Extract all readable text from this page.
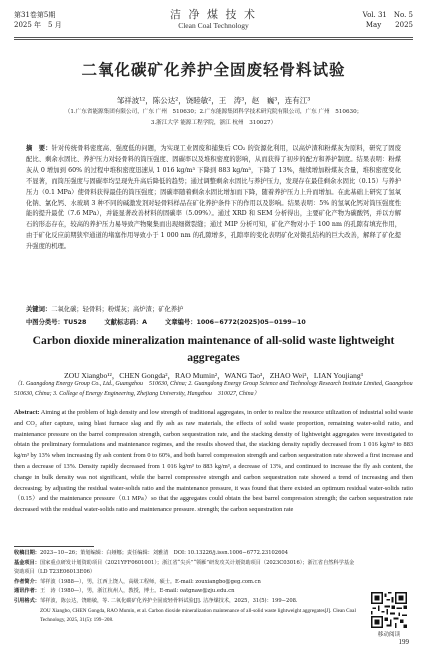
第31卷第5期
2025 年　5 月
洁 净 煤 技 术
Clean Coal Technology
Vol. 31　No. 5
May　　2025
二氧化碳矿化养护全固废轻骨料试验
邹祥波¹²，陈公达²，饶睦敏²，王　涛³，赵　巍³，连有江³
（1.广东省能源集团有限公司，广东 广州　510630；2.广东能源集团科学技术研究院有限公司，广东 广州　510630；
3.浙江大学 能源工程学院，浙江 杭州　310027）
摘　要：针对传统骨料密度高、强度低的问题，为实现工业固废和捕集后 CO₂ 的资源化利用，以高炉渣和粉煤灰为原料，研究了固废配比、剩余水固比、养护压力对轻骨料的筒压强度、固碳率以及堆积密度的影响，从而获得了初步的配方和养护制度。结果表明：粉煤灰从 0 增加到 60% 的过程中堆积密度迅速从 1 016 kg/m³ 下降到 883 kg/m³，下降了 13%，继续增加粉煤灰含量，堆积密度变化不显著，而筒压强度与固碳率均呈现先升高后降低的趋势；通过调整剩余水固比与养护压力，发现存在最佳剩余水固比（0.15）与养护压力（0.1 MPa）使骨料获得最佳的筒压强度；固碳率随着剩余水固比增加而下降，随着养护压力上升而增加。在此基础上研究了氢氧化钠、氯化钙、水玻璃 3 种不同的碱激发剂对轻骨料样品在矿化养护条件下的作用以及影响。结果表明：5% 的氢氧化钙对筒压强度性能的提升最优（7.6 MPa），并能显著改善材料的固碳率（5.09%）。通过 XRD 和 SEM 分析得出，主要矿化产物为碳酸钙，并以方解石的形态存在，较高的养护压力易导致产物聚集而出现细微裂缝；通过 MIP 分析可知，矿化产物对小于 100 nm 的孔隙有填充作用，由于矿化反应前期狭窄通道的堵塞作用导致小于 1 000 nm 的孔隙增多，孔隙率的变化表明矿化对微孔结构的巨大改善，解释了矿化提升强度的机理。
关键词：二氧化碳；轻骨料；粉煤灰；高炉渣；矿化养护
中图分类号：TU528	文献标志码：A	文章编号：1006−6772(2025)05−0199−10
Carbon dioxide mineralization maintenance of all-solid waste lightweight aggregates
ZOU Xiangbo¹²，CHEN Gongda²，RAO Mumin²，WANG Tao³，ZHAO Wei³，LIAN Youjiang³
（1. Guangdong Energy Group Co., Ltd., Guangzhou　510630, China; 2. Guangdong Energy Group Science and Technology Research Institute Limited, Guangzhou　510630, China; 3. College of Energy Engineering, Zhejiang University, Hangzhou　310027, China）
Abstract: Aiming at the problem of high density and low strength of traditional aggregates, in order to realize the resource utilization of industrial solid waste and CO₂ after capture, using blast furnace slag and fly ash as raw materials, the effects of solid waste proportion, remaining water-solid ratio, and maintenance pressure on the barrel compression strength, carbon sequestration rate, and the stacking density of lightweight aggregates were investigated to obtain the preliminary formulations and maintenance regimes, and the results showed that, the stacking density rapidly decreased from 1 016 kg/m³ to 883 kg/m³ by 13% when increasing fly ash content from 0 to 60%, and both barrel compression strength and carbon sequestration rate showed a first increase and then a decrease of 13%. Density rapidly decreased from 1 016 kg/m³ to 883 kg/m³, a decrease of 13%, and continued to increase the fly ash content, the change in bulk density was not significant, while the barrel compressive strength and carbon sequestration rate showed a trend of increasing and then decreasing; by adjusting the residual water-solids ratio and the maintenance pressure, it was found that there existed an optimum residual water-solids ratio（0.15）and the maintenance pressure（0.1 MPa）so that the aggregates could obtain the best barrel compression strength; the carbon sequestration rate decreased with the residual water-solids ratio and maintenance pressure. strength; the carbon sequestration rate
收稿日期：2023−10−26；策划编辑：白娅娜；责任编辑：刘雅清　DOI: 10.13226/j.issn.1006−6772.23102604
基金项目：国家重点研发计划资助项目（2021YFF0601001）；浙江省“尖兵”“领雁”研发攻关计划资助项目（2023C03016）；浙江省自然科学基金资助项目（LD T23E06013E06）
作者简介：邹祥波（1988—），男，江西上饶人，高级工程师，硕士。E-mail: zouxiangbo@geg.com.cn
通讯作者：王　涛（1980—），男，浙江杭州人，教授，博士。E-mail: oatgnaw@zju.edu.cn
引用格式：邹祥波，陈公达，饶睦敏，等. 二氧化碳矿化养护全固废轻骨料试验[J]. 洁净煤技术，2025，31(5)：199−208.
ZOU Xiangbo, CHEN Gongda, RAO Mumin, et al. Carbon dioxide mineralization maintenance of all-solid waste lightweight aggregates[J]. Clean Coal Technology, 2025, 31(5): 199−208.
移动阅读
199
